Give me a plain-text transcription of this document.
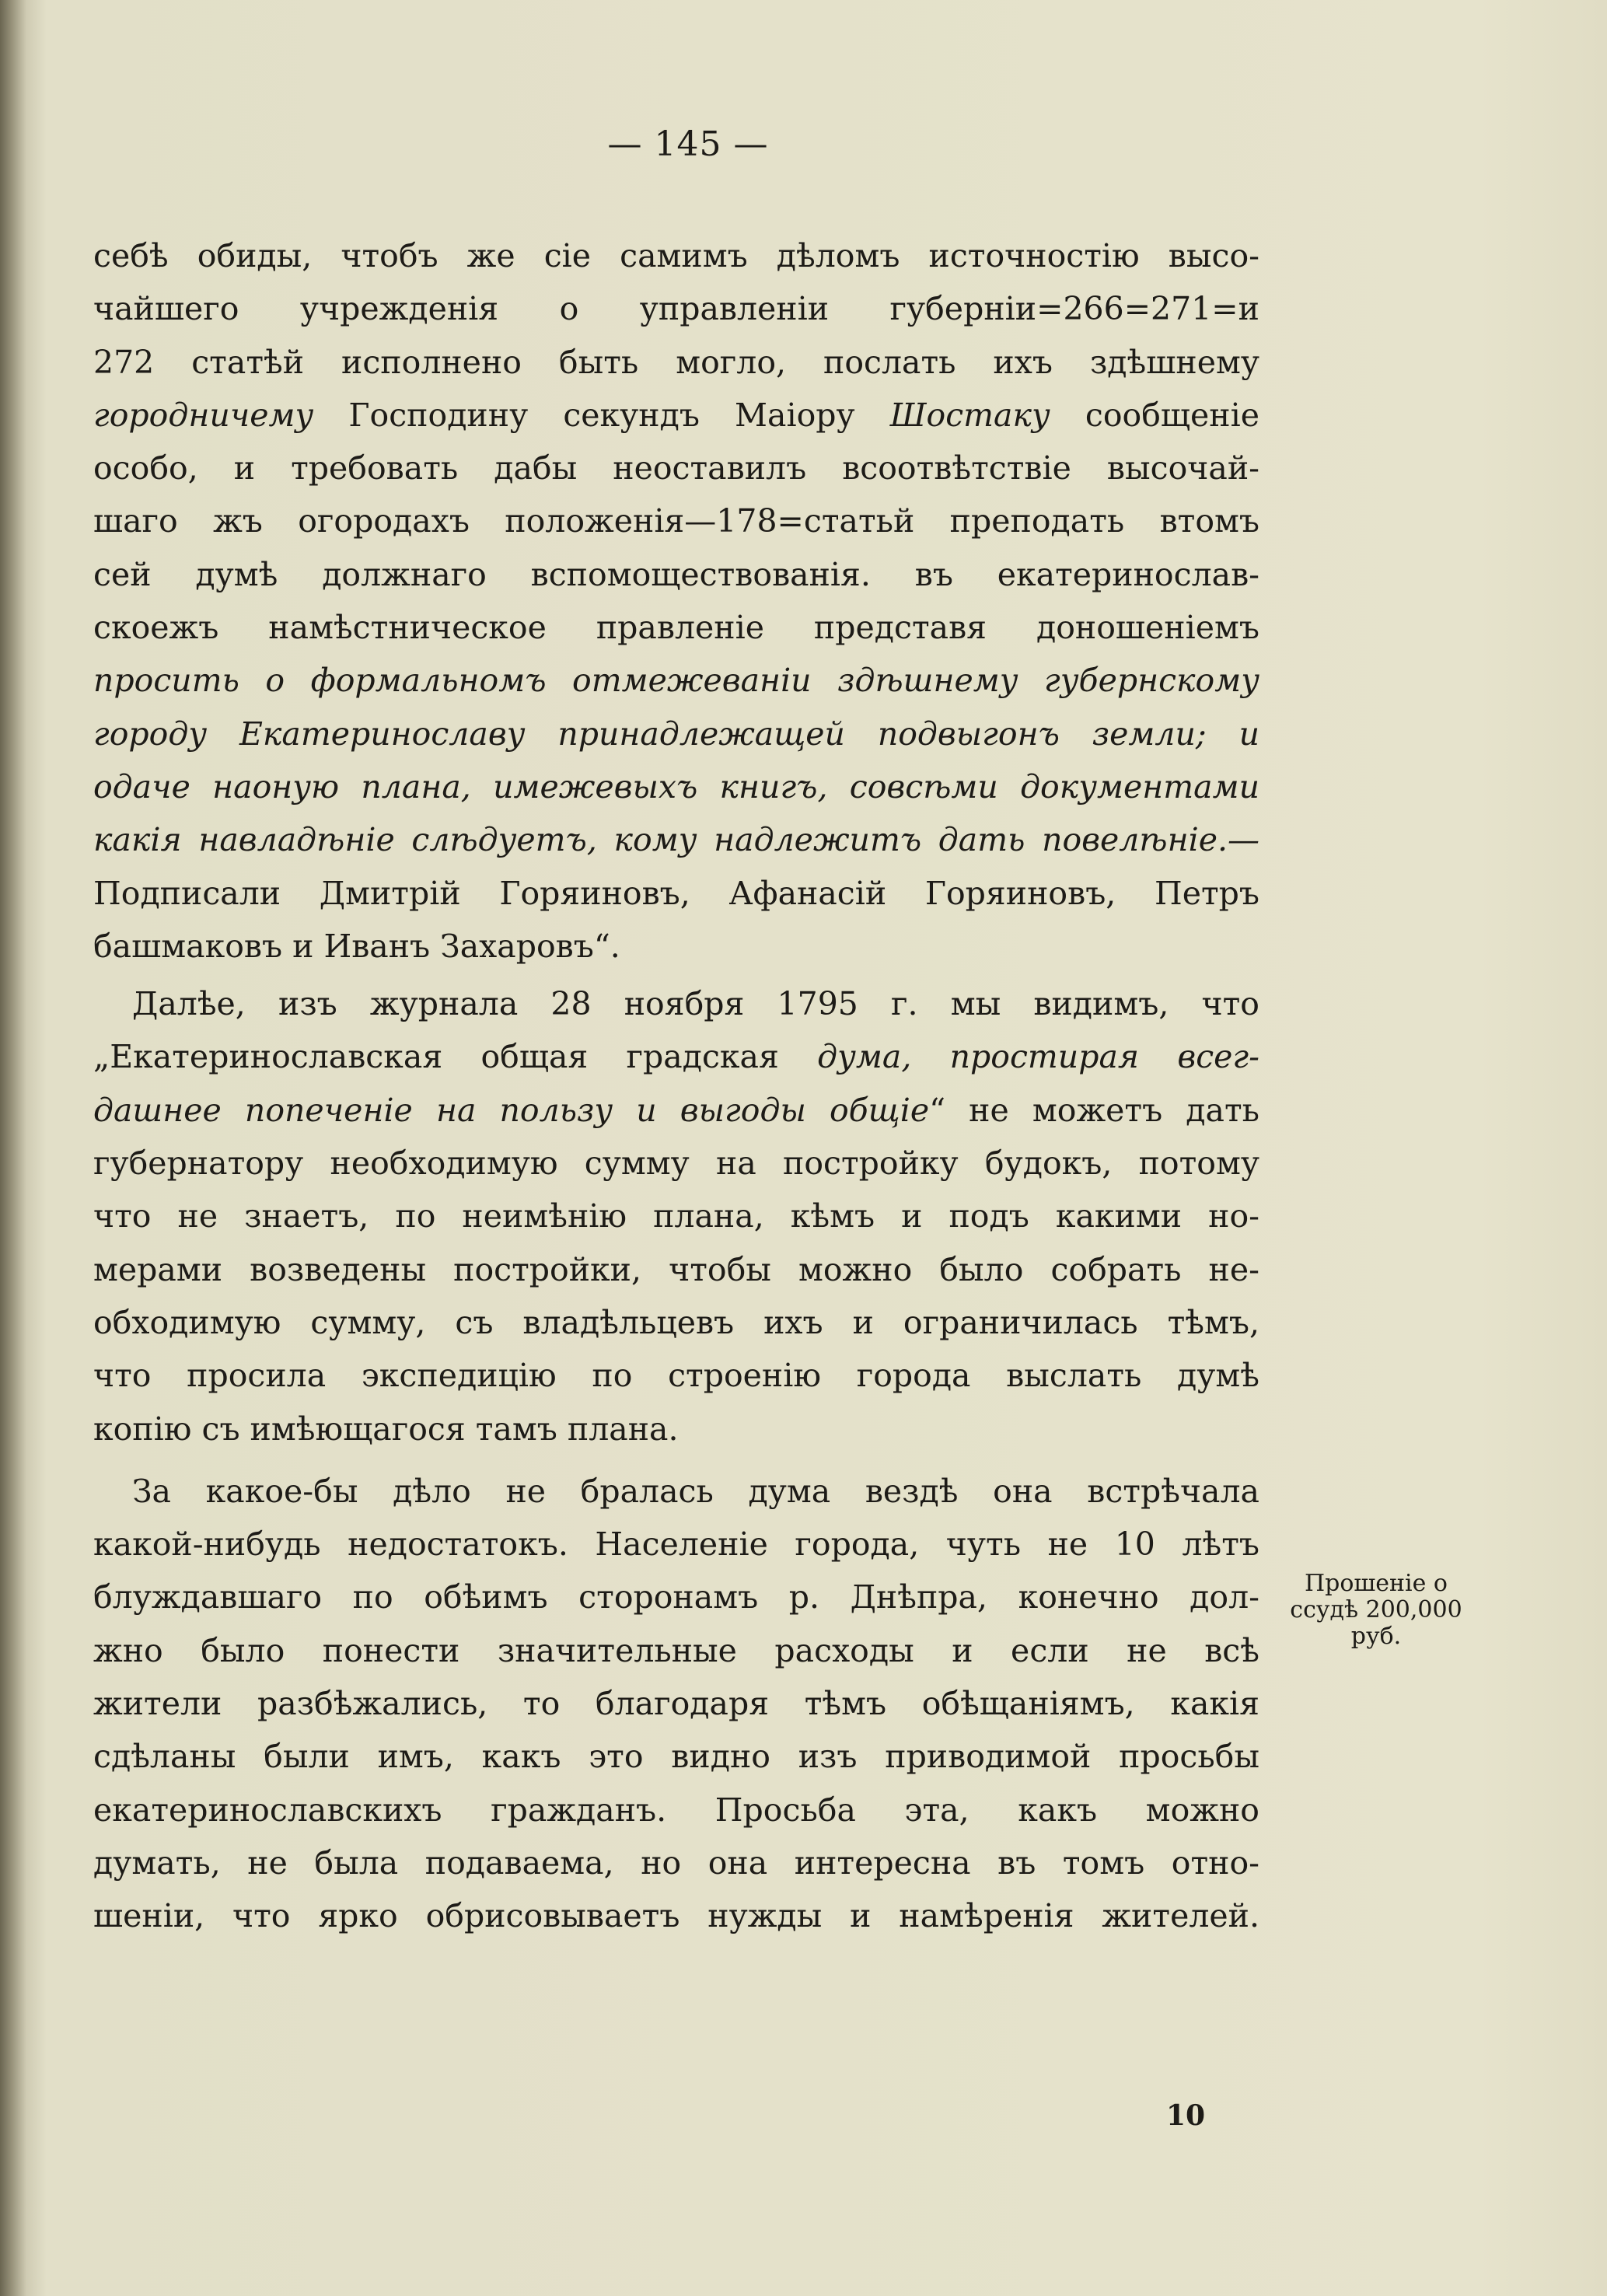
— 145 —
себѣ обиды, чтобъ же сіе самимъ дѣломъ источностію высо-
чайшего учрежденія о управленіи губерніи=266=271=и
272 статѣй исполнено быть могло, послать ихъ здѣшнему
городничему Господину секундъ Маіору Шостаку сообщеніе
особо, и требовать дабы неоставилъ всоотвѣтствіе высочай-
шаго жъ огородахъ положенія—178=статьй преподать втомъ
сей думѣ должнаго вспомоществованія. въ екатеринослав-
скоежъ намѣстническое правленіе представя доношеніемъ
просить о формальномъ отмежеваніи здѣшнему губернскому
городу Екатеринославу принадлежащей подвыгонъ земли; и
одаче наоную плана, имежевыхъ книгъ, совсѣми документами
какія навладѣніе слѣдуетъ, кому надлежитъ дать повелѣніе.—
Подписали Дмитрій Горяиновъ, Афанасій Горяиновъ, Петръ
башмаковъ и Иванъ Захаровъ“.
Далѣе, изъ журнала 28 ноября 1795 г. мы видимъ, что
„Екатеринославская общая градская дума, простирая всег-
дашнее попеченіе на пользу и выгоды общіе“ не можетъ дать
губернатору необходимую сумму на постройку будокъ, потому
что не знаетъ, по неимѣнію плана, кѣмъ и подъ какими но-
мерами возведены постройки, чтобы можно было собрать не-
обходимую сумму, съ владѣльцевъ ихъ и ограничилась тѣмъ,
что просила экспедицію по строенію города выслать думѣ
копію съ имѣющагося тамъ плана.
За какое-бы дѣло не бралась дума вездѣ она встрѣчала
какой-нибудь недостатокъ. Населеніе города, чуть не 10 лѣтъ
блуждавшаго по обѣимъ сторонамъ р. Днѣпра, конечно дол-
жно было понести значительные расходы и если не всѣ
жители разбѣжались, то благодаря тѣмъ обѣщаніямъ, какія
сдѣланы были имъ, какъ это видно изъ приводимой просьбы
екатеринославскихъ гражданъ. Просьба эта, какъ можно
думать, не была подаваема, но она интересна въ томъ отно-
шеніи, что ярко обрисовываетъ нужды и намѣренія жителей.
Прошеніе о
ссудѣ 200,000
руб.
10
